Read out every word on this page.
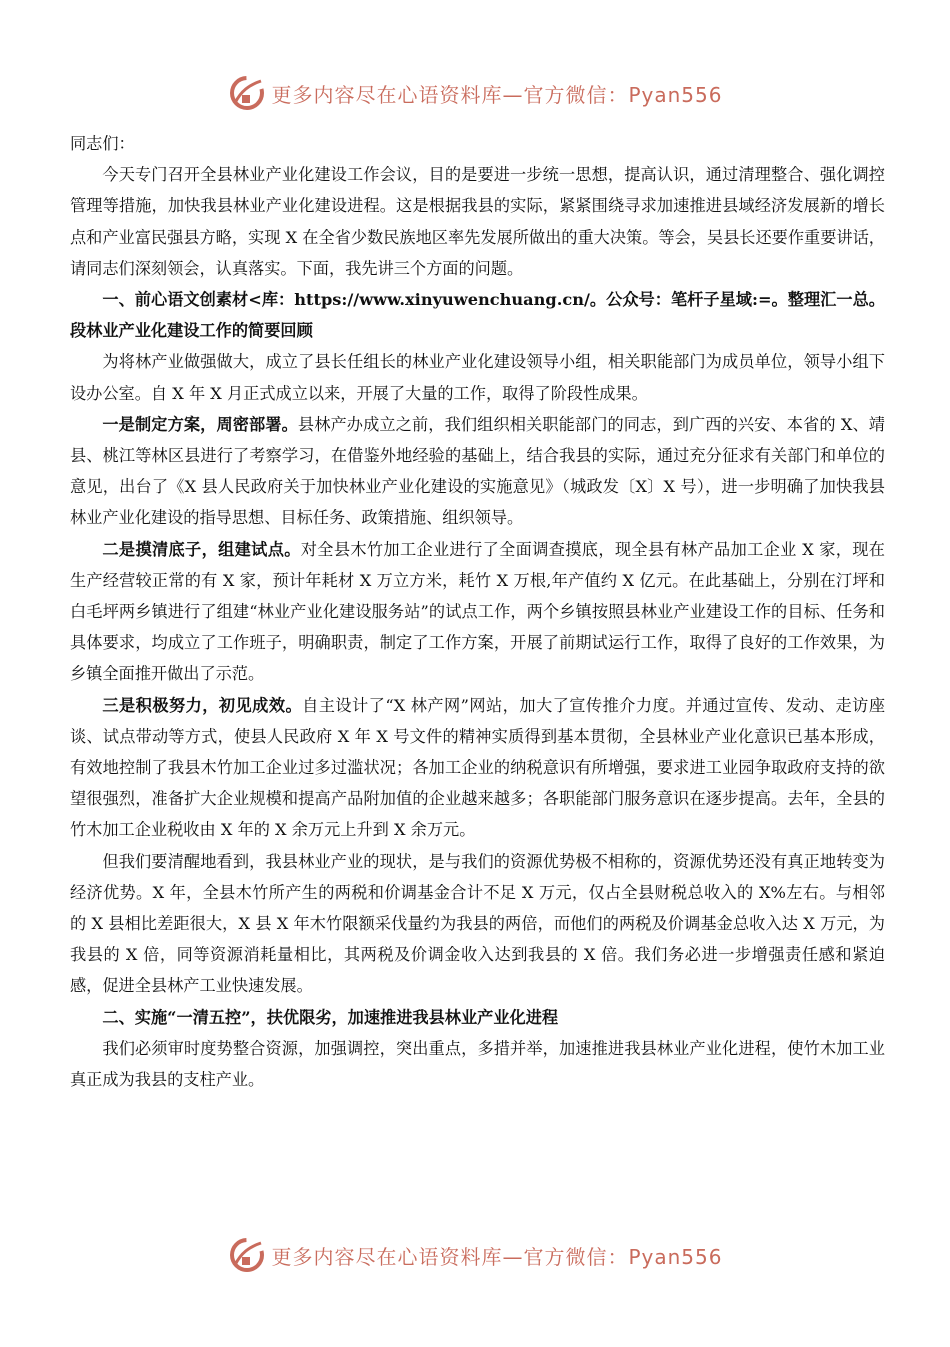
更多内容尽在心语资料库—官方微信：Pyan556

同志们：

今天专门召开全县林业产业化建设工作会议，目的是要进一步统一思想，提高认识，通过清理整合、强化调控管理等措施，加快我县林业产业化建设进程。这是根据我县的实际，紧紧围绕寻求加速推进县域经济发展新的增长点和产业富民强县方略，实现 X 在全省少数民族地区率先发展所做出的重大决策。等会，吴县长还要作重要讲话，请同志们深刻领会，认真落实。下面，我先讲三个方面的问题。

一、前心语文创素材<库：https://www.xinyuwenchuang.cn/。公众号：笔杆子星域:=。整理汇一总。段林业产业化建设工作的简要回顾

为将林产业做强做大，成立了县长任组长的林业产业化建设领导小组，相关职能部门为成员单位，领导小组下设办公室。自 X 年 X 月正式成立以来，开展了大量的工作，取得了阶段性成果。

一是制定方案，周密部署。县林产办成立之前，我们组织相关职能部门的同志，到广西的兴安、本省的 X、靖县、桃江等林区县进行了考察学习，在借鉴外地经验的基础上，结合我县的实际，通过充分征求有关部门和单位的意见，出台了《X 县人民政府关于加快林业产业化建设的实施意见》（城政发〔X〕X 号），进一步明确了加快我县林业产业化建设的指导思想、目标任务、政策措施、组织领导。

二是摸清底子，组建试点。对全县木竹加工企业进行了全面调查摸底，现全县有林产品加工企业 X 家，现在生产经营较正常的有 X 家，预计年耗材 X 万立方米，耗竹 X 万根,年产值约 X 亿元。在此基础上，分别在汀坪和白毛坪两乡镇进行了组建“林业产业化建设服务站”的试点工作，两个乡镇按照县林业产业建设工作的目标、任务和具体要求，均成立了工作班子，明确职责，制定了工作方案，开展了前期试运行工作，取得了良好的工作效果，为乡镇全面推开做出了示范。

三是积极努力，初见成效。自主设计了“X 林产网”网站，加大了宣传推介力度。并通过宣传、发动、走访座谈、试点带动等方式，使县人民政府 X 年 X 号文件的精神实质得到基本贯彻，全县林业产业化意识已基本形成，有效地控制了我县木竹加工企业过多过滥状况；各加工企业的纳税意识有所增强，要求进工业园争取政府支持的欲望很强烈，准备扩大企业规模和提高产品附加值的企业越来越多；各职能部门服务意识在逐步提高。去年，全县的竹木加工企业税收由 X 年的 X 余万元上升到 X 余万元。

但我们要清醒地看到，我县林业产业的现状，是与我们的资源优势极不相称的，资源优势还没有真正地转变为经济优势。X 年，全县木竹所产生的两税和价调基金合计不足 X 万元，仅占全县财税总收入的 X%左右。与相邻的 X 县相比差距很大，X 县 X 年木竹限额采伐量约为我县的两倍，而他们的两税及价调基金总收入达 X 万元，为我县的 X 倍，同等资源消耗量相比，其两税及价调金收入达到我县的 X 倍。我们务必进一步增强责任感和紧迫感，促进全县林产工业快速发展。

二、实施“一清五控”，扶优限劣，加速推进我县林业产业化进程

我们必须审时度势整合资源，加强调控，突出重点，多措并举，加速推进我县林业产业化进程，使竹木加工业真正成为我县的支柱产业。

更多内容尽在心语资料库—官方微信：Pyan556
